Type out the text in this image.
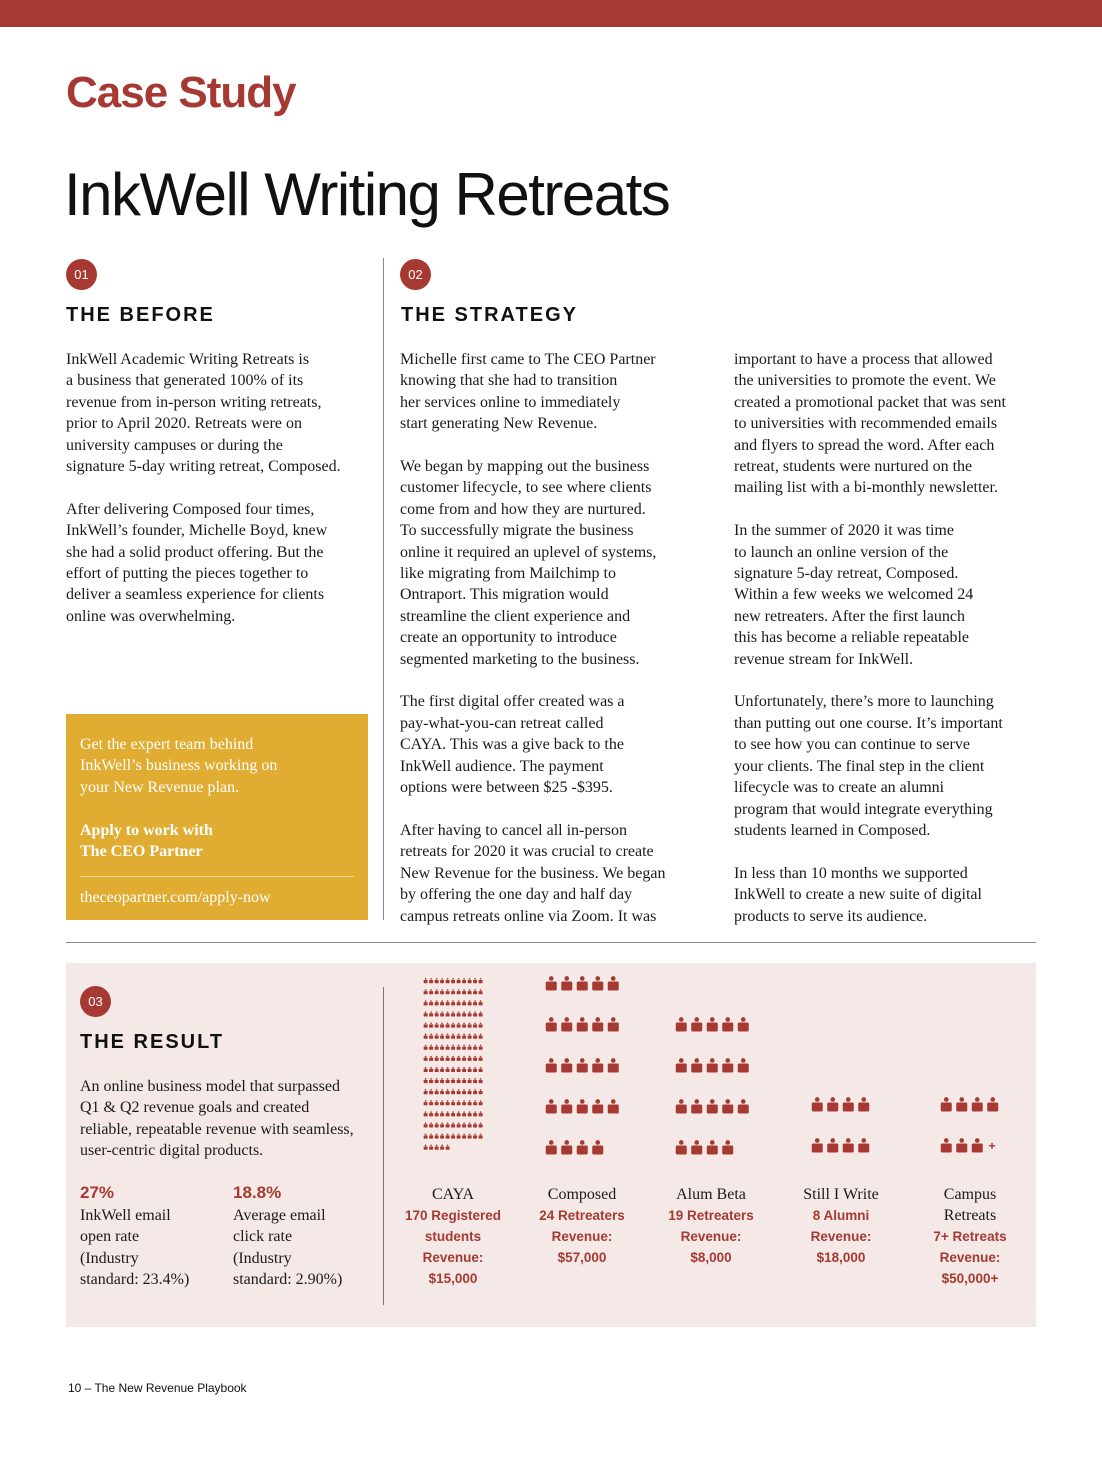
Case Study
InkWell Writing Retreats
01
THE BEFORE

InkWell Academic Writing Retreats is
a business that generated 100% of its
revenue from in-person writing retreats,
prior to April 2020. Retreats were on
university campuses or during the
signature 5-day writing retreat, Composed.

After delivering Composed four times,
InkWell’s founder, Michelle Boyd, knew
she had a solid product offering. But the
effort of putting the pieces together to
deliver a seamless experience for clients
online was overwhelming.

Get the expert team behind
InkWell’s business working on
your New Revenue plan.
Apply to work with
The CEO Partner
theceopartner.com/apply-now
02
THE STRATEGY

Michelle first came to The CEO Partner
knowing that she had to transition
her services online to immediately
start generating New Revenue.

We began by mapping out the business
customer lifecycle, to see where clients
come from and how they are nurtured.
To successfully migrate the business
online it required an uplevel of systems,
like migrating from Mailchimp to
Ontraport. This migration would
streamline the client experience and
create an opportunity to introduce
segmented marketing to the business.

The first digital offer created was a
pay-what-you-can retreat called
CAYA. This was a give back to the
InkWell audience. The payment
options were between $25 -$395.

After having to cancel all in-person
retreats for 2020 it was crucial to create
New Revenue for the business. We began
by offering the one day and half day
campus retreats online via Zoom. It was

important to have a process that allowed
the universities to promote the event. We
created a promotional packet that was sent
to universities with recommended emails
and flyers to spread the word. After each
retreat, students were nurtured on the
mailing list with a bi-monthly newsletter.

In the summer of 2020 it was time
to launch an online version of the
signature 5-day retreat, Composed.
Within a few weeks we welcomed 24
new retreaters. After the first launch
this has become a reliable repeatable
revenue stream for InkWell.

Unfortunately, there’s more to launching
than putting out one course. It’s important
to see how you can continue to serve
your clients. The final step in the client
lifecycle was to create an alumni
program that would integrate everything
students learned in Composed.

In less than 10 months we supported
InkWell to create a new suite of digital
products to serve its audience.

03
THE RESULT
An online business model that surpassed
Q1 & Q2 revenue goals and created
reliable, repeatable revenue with seamless,
user-centric digital products.
27%
InkWell email
open rate
(Industry
standard: 23.4%)
18.8%
Average email
click rate
(Industry
standard: 2.90%)
+
CAYA
170 Registered
students
Revenue:
$15,000
Composed
24 Retreaters
Revenue:
$57,000
Alum Beta
19 Retreaters
Revenue:
$8,000
Still I Write
8 Alumni
Revenue:
$18,000
Campus
Retreats
7+ Retreats
Revenue:
$50,000+
10 – The New Revenue Playbook
